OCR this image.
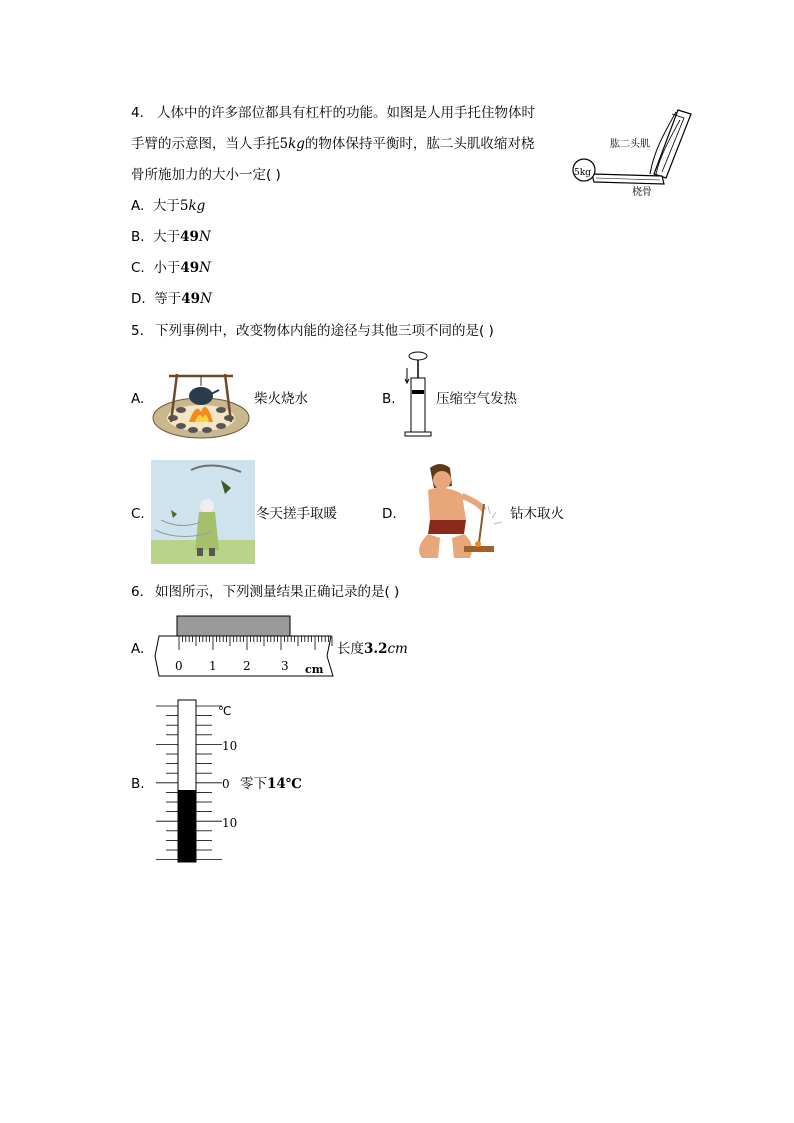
4. 人体中的许多部位都具有杠杆的功能。如图是人用手托住物体时
手臂的示意图，当人手托5kg的物体保持平衡时，肱二头肌收缩对桡
骨所施加力的大小一定( )
肱二头肌
桡骨
5kg
A. 大于5kg
B. 大于49N
C. 小于49N
D. 等于49N
5. 下列事例中，改变物体内能的途径与其他三项不同的是( )
A.	柴火烧水	B.	压缩空气发热
C.	冬天搓手取暖	D.	钻木取火
6. 如图所示，下列测量结果正确记录的是( )
A.
0 1 2	3 cm
长度3.2cm
B.
℃
10
0
10
零下14℃
